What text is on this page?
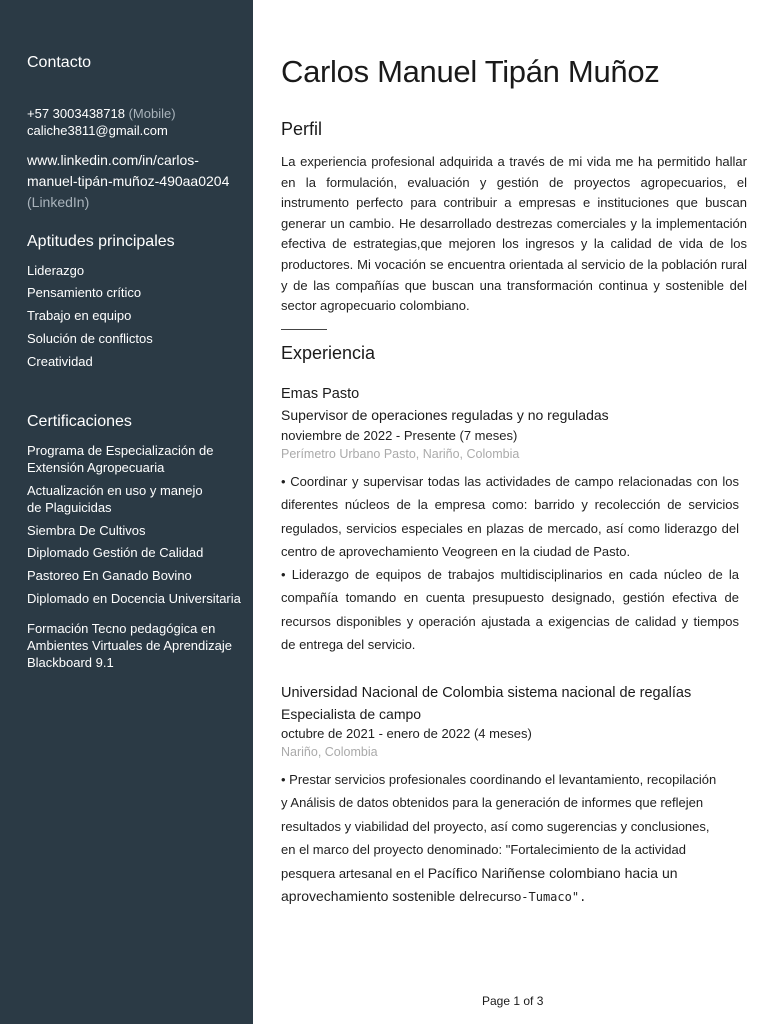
Contacto
+57 3003438718 (Mobile)
caliche3811@gmail.com
www.linkedin.com/in/carlos-
manuel-tipán-muñoz-490aa0204
(LinkedIn)
Aptitudes principales
Liderazgo
Pensamiento crítico
Trabajo en equipo
Solución de conflictos
Creatividad
Certificaciones
Programa de Especialización de
Extensión Agropecuaria
Actualización en uso y manejo
de Plaguicidas
Siembra De Cultivos
Diplomado Gestión de Calidad
Pastoreo En Ganado Bovino
Diplomado en Docencia Universitaria
Formación Tecno pedagógica en
Ambientes Virtuales de Aprendizaje
Blackboard 9.1
Carlos Manuel Tipán Muñoz
Perfil
La experiencia profesional adquirida a través de mi vida me ha permitido hallar en la formulación, evaluación y gestión de proyectos agropecuarios, el instrumento perfecto para contribuir a empresas e instituciones que buscan generar un cambio. He desarrollado destrezas comerciales y la implementación efectiva de estrategias,que mejoren los ingresos y la calidad de vida de los productores. Mi vocación se encuentra orientada al servicio de la población rural y de las compañías que buscan una transformación continua y sostenible del sector agropecuario colombiano.
Experiencia
Emas Pasto
Supervisor de operaciones reguladas y no reguladas
noviembre de 2022 - Presente (7 meses)
Perímetro Urbano Pasto, Nariño, Colombia
• Coordinar y supervisar todas las actividades de campo relacionadas con los diferentes núcleos de la empresa como: barrido y recolección de servicios regulados, servicios especiales en plazas de mercado, así como liderazgo del centro de aprovechamiento Veogreen en la ciudad de Pasto.
• Liderazgo de equipos de trabajos multidisciplinarios en cada núcleo de la compañía tomando en cuenta presupuesto designado, gestión efectiva de recursos disponibles y operación ajustada a exigencias de calidad y tiempos de entrega del servicio.
Universidad Nacional de Colombia sistema nacional de regalías
Especialista de campo
octubre de 2021 - enero de 2022 (4 meses)
Nariño, Colombia
• Prestar servicios profesionales coordinando el levantamiento, recopilación
y Análisis de datos obtenidos para la generación de informes que reflejen
resultados y viabilidad del proyecto, así como sugerencias y conclusiones,
en el marco del proyecto denominado: "Fortalecimiento de la actividad
pesquera artesanal en el Pacífico Nariñense colombiano hacia un
aprovechamiento sostenible delrecurso-Tumaco".
Page 1 of 3
